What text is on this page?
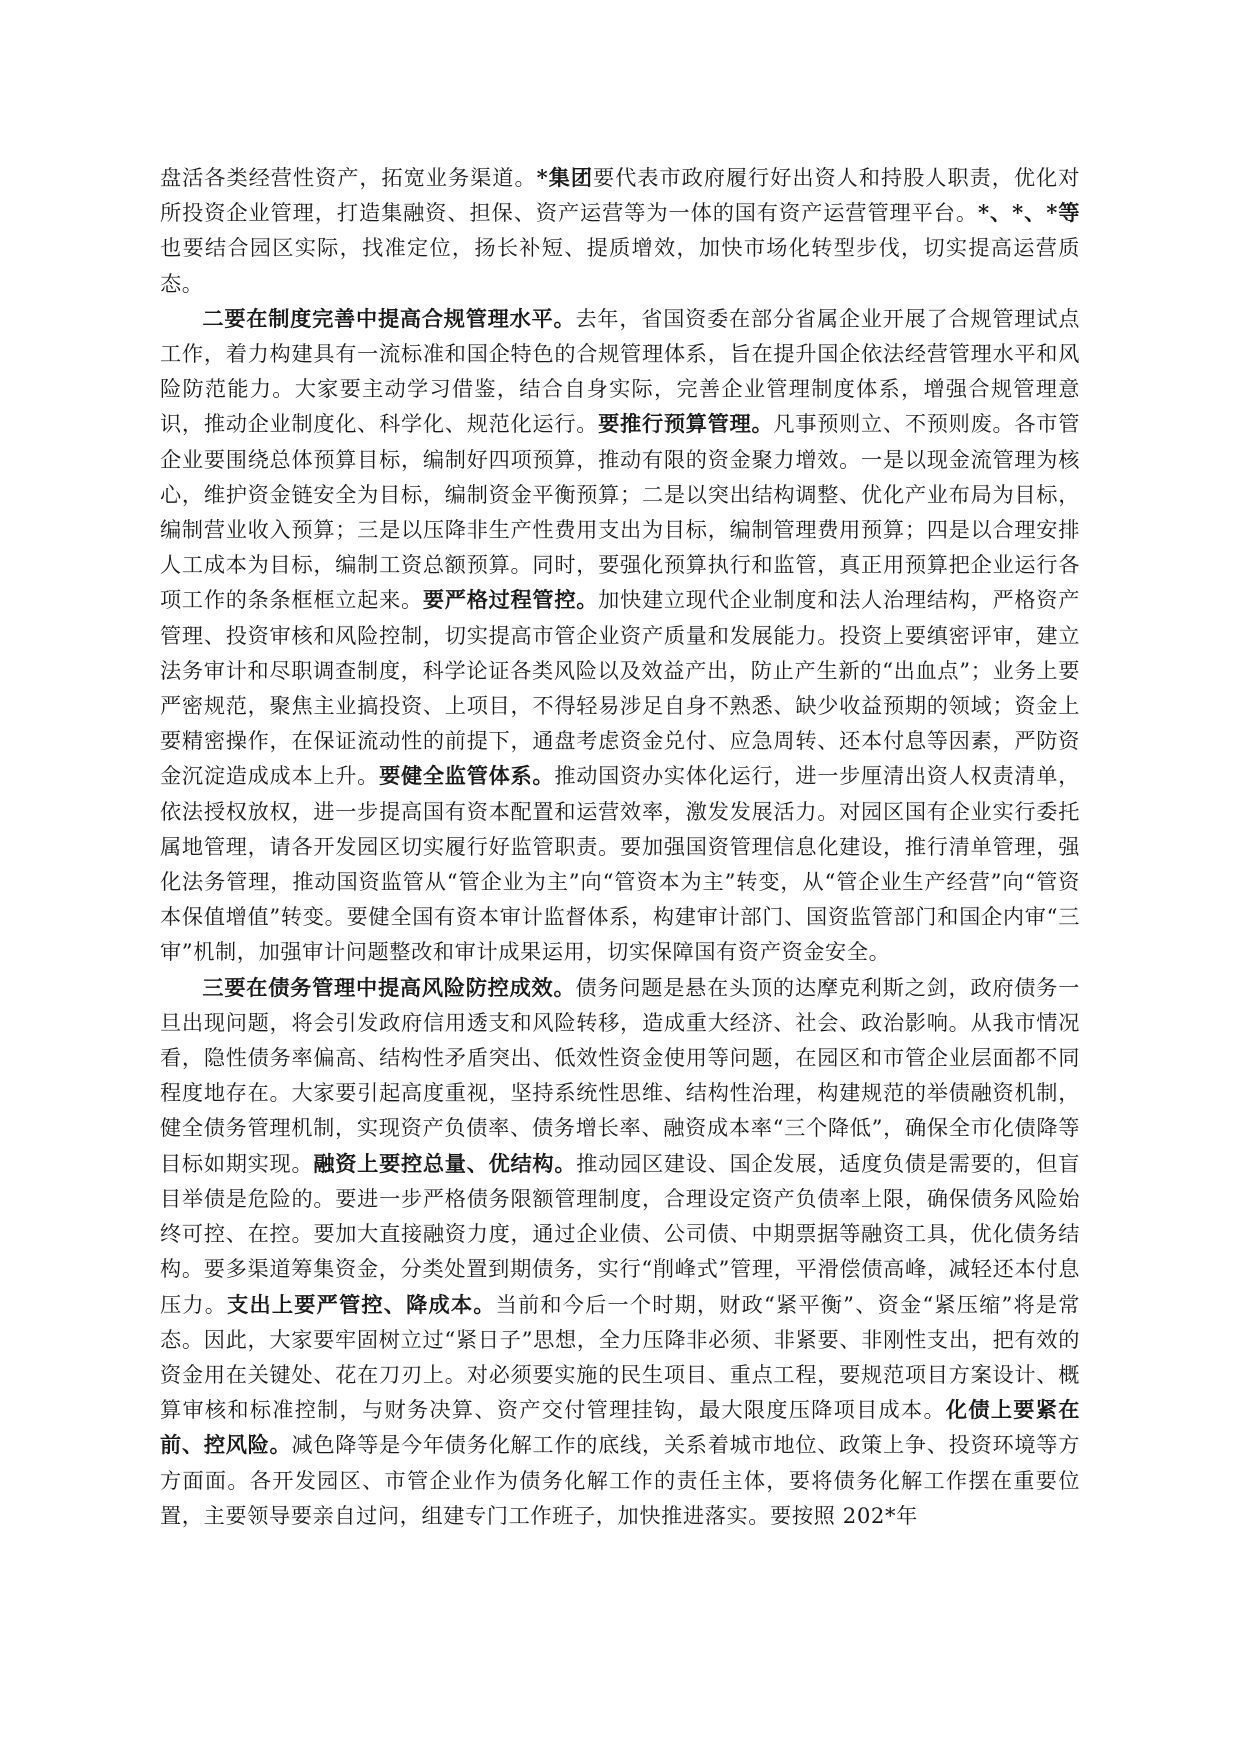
盘活各类经营性资产，拓宽业务渠道。*集团要代表市政府履行好出资人和持股人职责，优化对所投资企业管理，打造集融资、担保、资产运营等为一体的国有资产运营管理平台。*、*、*等也要结合园区实际，找准定位，扬长补短、提质增效，加快市场化转型步伐，切实提高运营质态。

二要在制度完善中提高合规管理水平。去年，省国资委在部分省属企业开展了合规管理试点工作，着力构建具有一流标准和国企特色的合规管理体系，旨在提升国企依法经营管理水平和风险防范能力。大家要主动学习借鉴，结合自身实际，完善企业管理制度体系，增强合规管理意识，推动企业制度化、科学化、规范化运行。要推行预算管理。凡事预则立、不预则废。各市管企业要围绕总体预算目标，编制好四项预算，推动有限的资金聚力增效。一是以现金流管理为核心，维护资金链安全为目标，编制资金平衡预算；二是以突出结构调整、优化产业布局为目标，编制营业收入预算；三是以压降非生产性费用支出为目标，编制管理费用预算；四是以合理安排人工成本为目标，编制工资总额预算。同时，要强化预算执行和监管，真正用预算把企业运行各项工作的条条框框立起来。要严格过程管控。加快建立现代企业制度和法人治理结构，严格资产管理、投资审核和风险控制，切实提高市管企业资产质量和发展能力。投资上要缜密评审，建立法务审计和尽职调查制度，科学论证各类风险以及效益产出，防止产生新的“出血点”；业务上要严密规范，聚焦主业搞投资、上项目，不得轻易涉足自身不熟悉、缺少收益预期的领域；资金上要精密操作，在保证流动性的前提下，通盘考虑资金兑付、应急周转、还本付息等因素，严防资金沉淀造成成本上升。要健全监管体系。推动国资办实体化运行，进一步厘清出资人权责清单，依法授权放权，进一步提高国有资本配置和运营效率，激发发展活力。对园区国有企业实行委托属地管理，请各开发园区切实履行好监管职责。要加强国资管理信息化建设，推行清单管理，强化法务管理，推动国资监管从“管企业为主”向“管资本为主”转变，从“管企业生产经营”向“管资本保值增值”转变。要健全国有资本审计监督体系，构建审计部门、国资监管部门和国企内审“三审”机制，加强审计问题整改和审计成果运用，切实保障国有资产资金安全。

三要在债务管理中提高风险防控成效。债务问题是悬在头顶的达摩克利斯之剑，政府债务一旦出现问题，将会引发政府信用透支和风险转移，造成重大经济、社会、政治影响。从我市情况看，隐性债务率偏高、结构性矛盾突出、低效性资金使用等问题，在园区和市管企业层面都不同程度地存在。大家要引起高度重视，坚持系统性思维、结构性治理，构建规范的举债融资机制，健全债务管理机制，实现资产负债率、债务增长率、融资成本率“三个降低”，确保全市化债降等目标如期实现。融资上要控总量、优结构。推动园区建设、国企发展，适度负债是需要的，但盲目举债是危险的。要进一步严格债务限额管理制度，合理设定资产负债率上限，确保债务风险始终可控、在控。要加大直接融资力度，通过企业债、公司债、中期票据等融资工具，优化债务结构。要多渠道筹集资金，分类处置到期债务，实行“削峰式”管理，平滑偿债高峰，减轻还本付息压力。支出上要严管控、降成本。当前和今后一个时期，财政“紧平衡”、资金“紧压缩”将是常态。因此，大家要牢固树立过“紧日子”思想，全力压降非必须、非紧要、非刚性支出，把有效的资金用在关键处、花在刀刃上。对必须要实施的民生项目、重点工程，要规范项目方案设计、概算审核和标准控制，与财务决算、资产交付管理挂钩，最大限度压降项目成本。化债上要紧在前、控风险。减色降等是今年债务化解工作的底线，关系着城市地位、政策上争、投资环境等方方面面。各开发园区、市管企业作为债务化解工作的责任主体，要将债务化解工作摆在重要位置，主要领导要亲自过问，组建专门工作班子，加快推进落实。要按照 202*年
